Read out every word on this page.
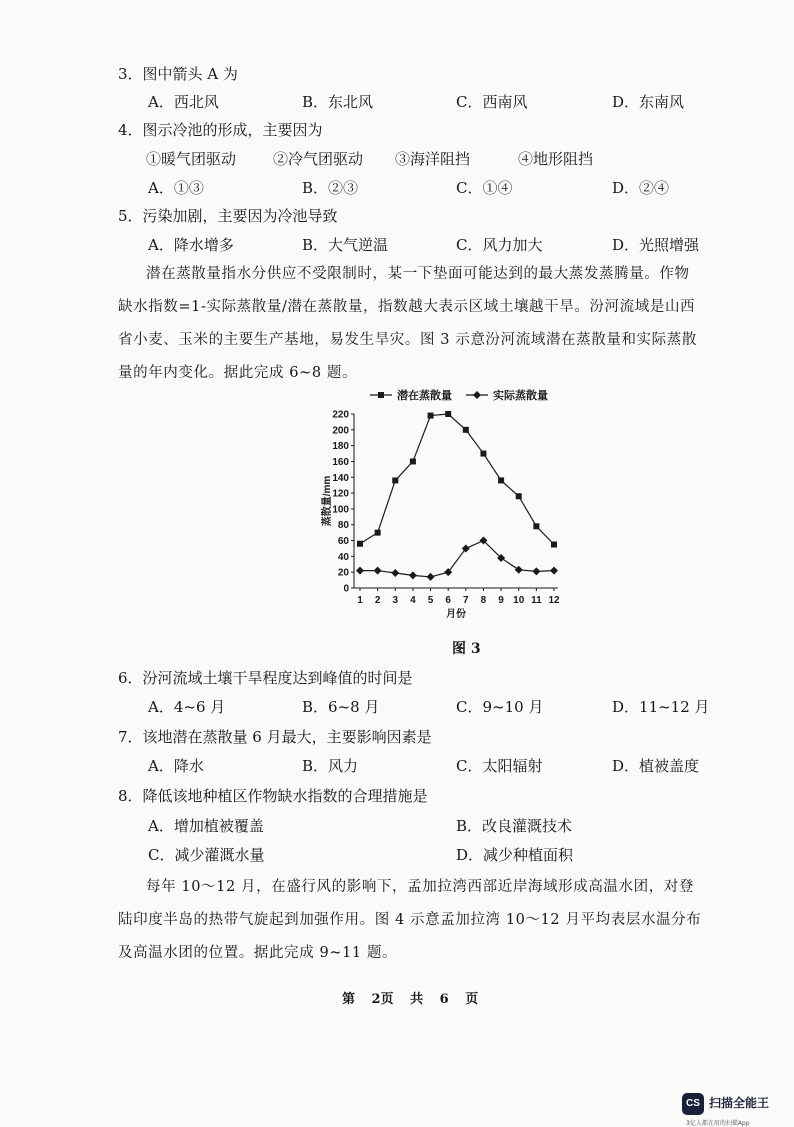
3．图中箭头 A 为
A．西北风	B．东北风	C．西南风	D．东南风
4．图示冷池的形成，主要因为
①暖气团驱动 ②冷气团驱动 ③海洋阻挡	④地形阻挡
A．①③	B．②③	C．①④	D．②④
5．污染加剧，主要因为冷池导致
A．降水增多	B．大气逆温	C．风力加大	D．光照增强
潜在蒸散量指水分供应不受限制时，某一下垫面可能达到的最大蒸发蒸腾量。作物缺水指数=1-实际蒸散量/潜在蒸散量，指数越大表示区域土壤越干旱。汾河流域是山西省小麦、玉米的主要生产基地，易发生旱灾。图 3 示意汾河流域潜在蒸散量和实际蒸散量的年内变化。据此完成 6~8 题。
0
20
40
60
80
100
120
140
160
180
200
220
1 2 3 4 5 6 7 8 9 10 11 12
月份
蒸散量/mm
潜在蒸散量	实际蒸散量
图 3
6．汾河流域土壤干旱程度达到峰值的时间是
A．4~6 月	B．6~8 月	C．9~10 月	D．11~12 月
7．该地潜在蒸散量 6 月最大，主要影响因素是
A．降水	B．风力	C．太阳辐射	D．植被盖度
8．降低该地种植区作物缺水指数的合理措施是
A．增加植被覆盖	B．改良灌溉技术
C．减少灌溉水量	D．减少种植面积
每年 10～12 月，在盛行风的影响下，孟加拉湾西部近岸海域形成高温水团，对登陆印度半岛的热带气旋起到加强作用。图 4 示意孟加拉湾 10～12 月平均表层水温分布及高温水团的位置。据此完成 9~11 题。
第 2页 共 6 页
CS 扫描全能王
3亿人都在用的扫描App
